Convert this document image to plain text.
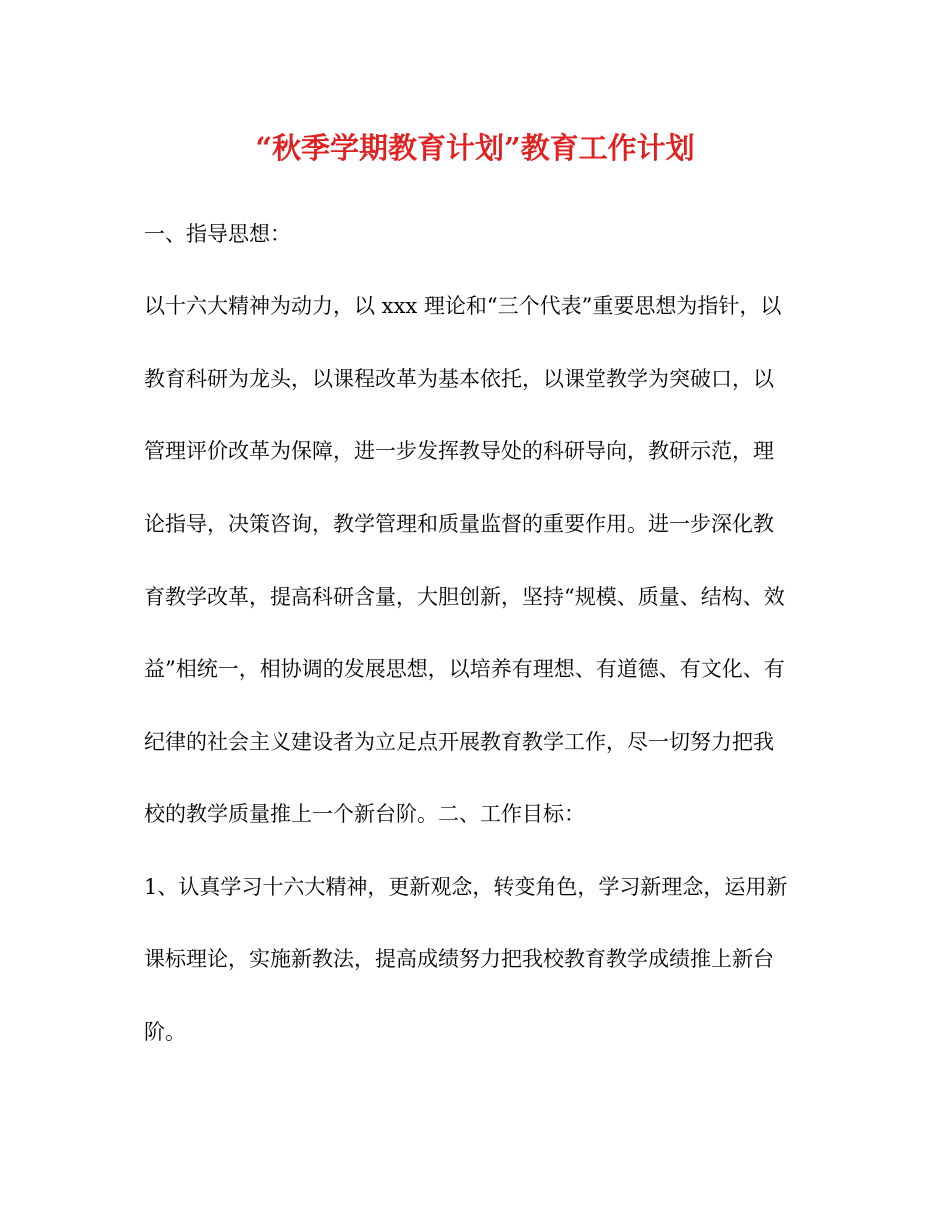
“秋季学期教育计划”教育工作计划
一、指导思想：
以十六大精神为动力，以 xxx 理论和“三个代表”重要思想为指针，以
教育科研为龙头，以课程改革为基本依托，以课堂教学为突破口，以
管理评价改革为保障，进一步发挥教导处的科研导向，教研示范，理
论指导，决策咨询，教学管理和质量监督的重要作用。进一步深化教
育教学改革，提高科研含量，大胆创新，坚持“规模、质量、结构、效
益”相统一，相协调的发展思想，以培养有理想、有道德、有文化、有
纪律的社会主义建设者为立足点开展教育教学工作，尽一切努力把我
校的教学质量推上一个新台阶。二、工作目标：
1、认真学习十六大精神，更新观念，转变角色，学习新理念，运用新
课标理论，实施新教法，提高成绩努力把我校教育教学成绩推上新台
阶。
